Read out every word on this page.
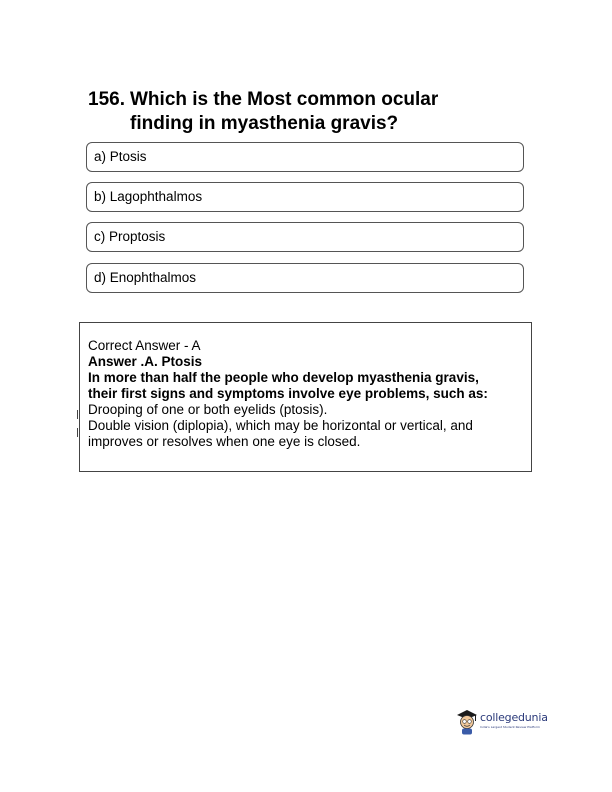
156. Which is the Most common ocular
finding in myasthenia gravis?
a) Ptosis
b) Lagophthalmos
c) Proptosis
d) Enophthalmos
Correct Answer - A
Answer .A. Ptosis
In more than half the people who develop myasthenia gravis,
their first signs and symptoms involve eye problems, such as:
Drooping of one or both eyelids (ptosis).
Double vision (diplopia), which may be horizontal or vertical, and
improves or resolves when one eye is closed.
collegedunia
India's Largest Student Review Platform
